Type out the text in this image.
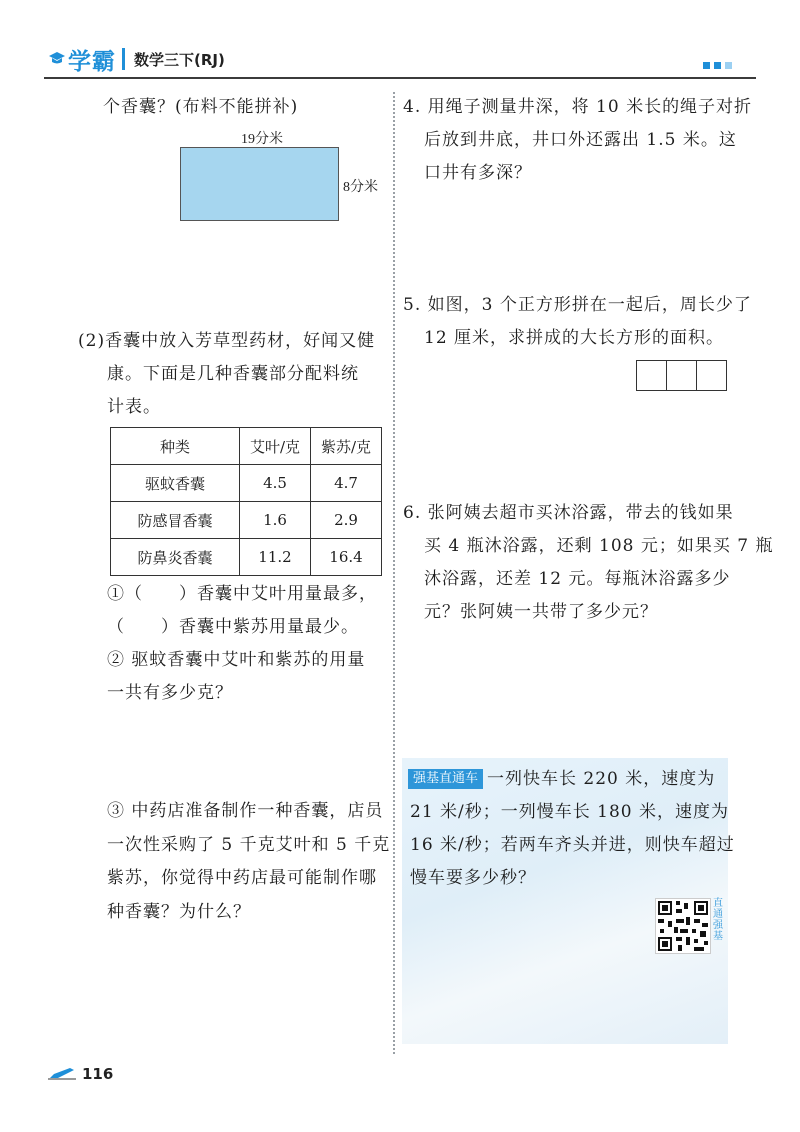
学霸 数学三下(RJ)
个香囊？(布料不能拼补)
19分米
8分米
(2)香囊中放入芳草型药材，好闻又健
康。下面是几种香囊部分配料统
计表。
种类	艾叶/克	紫苏/克
驱蚊香囊	4.5	4.7
防感冒香囊	1.6	2.9
防鼻炎香囊	11.2	16.4
①（　　）香囊中艾叶用量最多，
（　　）香囊中紫苏用量最少。
② 驱蚊香囊中艾叶和紫苏的用量
一共有多少克？
③ 中药店准备制作一种香囊，店员
一次性采购了 5 千克艾叶和 5 千克
紫苏，你觉得中药店最可能制作哪
种香囊？为什么？
4. 用绳子测量井深，将 10 米长的绳子对折
后放到井底，井口外还露出 1.5 米。这
口井有多深？
5. 如图，3 个正方形拼在一起后，周长少了
12 厘米，求拼成的大长方形的面积。
6. 张阿姨去超市买沐浴露，带去的钱如果
买 4 瓶沐浴露，还剩 108 元；如果买 7 瓶
沐浴露，还差 12 元。每瓶沐浴露多少
元？张阿姨一共带了多少元？
强基直通车 一列快车长 220 米，速度为
21 米/秒；一列慢车长 180 米，速度为
16 米/秒；若两车齐头并进，则快车超过
慢车要多少秒？
直通强基
116
